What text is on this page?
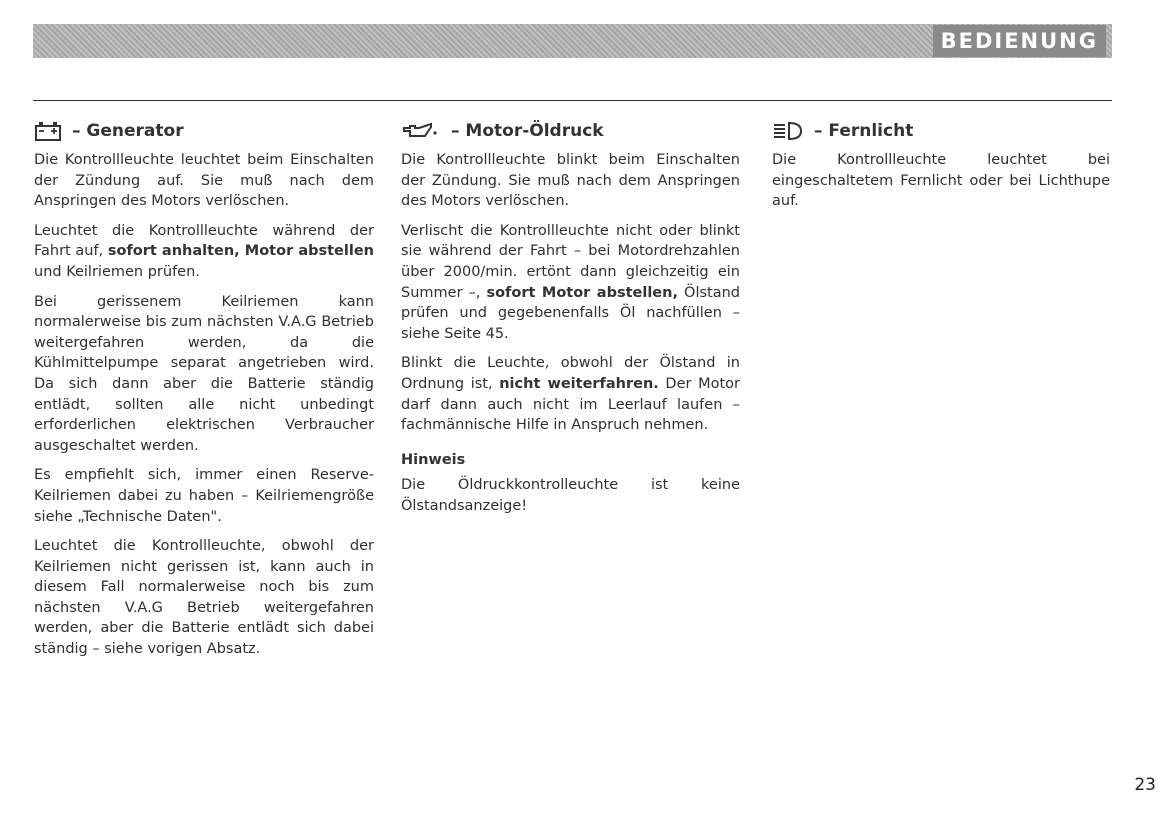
BEDIENUNG
– Generator

Die Kontrollleuchte leuchtet beim Einschalten der Zündung auf. Sie muß nach dem Anspringen des Motors verlöschen.

Leuchtet die Kontrollleuchte während der Fahrt auf, sofort anhalten, Motor abstellen und Keilriemen prüfen.

Bei gerissenem Keilriemen kann normalerweise bis zum nächsten V.A.G Betrieb weitergefahren werden, da die Kühlmittelpumpe separat angetrieben wird. Da sich dann aber die Batterie ständig entlädt, sollten alle nicht unbedingt erforderlichen elektrischen Verbraucher ausgeschaltet werden.

Es empfiehlt sich, immer einen Reserve-Keilriemen dabei zu haben – Keilriemengröße siehe „Technische Daten".

Leuchtet die Kontrollleuchte, obwohl der Keilriemen nicht gerissen ist, kann auch in diesem Fall normalerweise noch bis zum nächsten V.A.G Betrieb weitergefahren werden, aber die Batterie entlädt sich dabei ständig – siehe vorigen Absatz.

– Motor-Öldruck

Die Kontrollleuchte blinkt beim Einschalten der Zündung. Sie muß nach dem Anspringen des Motors verlöschen.

Verlischt die Kontrollleuchte nicht oder blinkt sie während der Fahrt – bei Motordrehzahlen über 2000/min. ertönt dann gleichzeitig ein Summer –, sofort Motor abstellen, Ölstand prüfen und gegebenenfalls Öl nachfüllen – siehe Seite 45.

Blinkt die Leuchte, obwohl der Ölstand in Ordnung ist, nicht weiterfahren. Der Motor darf dann auch nicht im Leerlauf laufen – fachmännische Hilfe in Anspruch nehmen.

Hinweis

Die Öldruckkontrolleuchte ist keine Ölstandsanzeige!

– Fernlicht

Die Kontrollleuchte leuchtet bei eingeschaltetem Fernlicht oder bei Lichthupe auf.

23
